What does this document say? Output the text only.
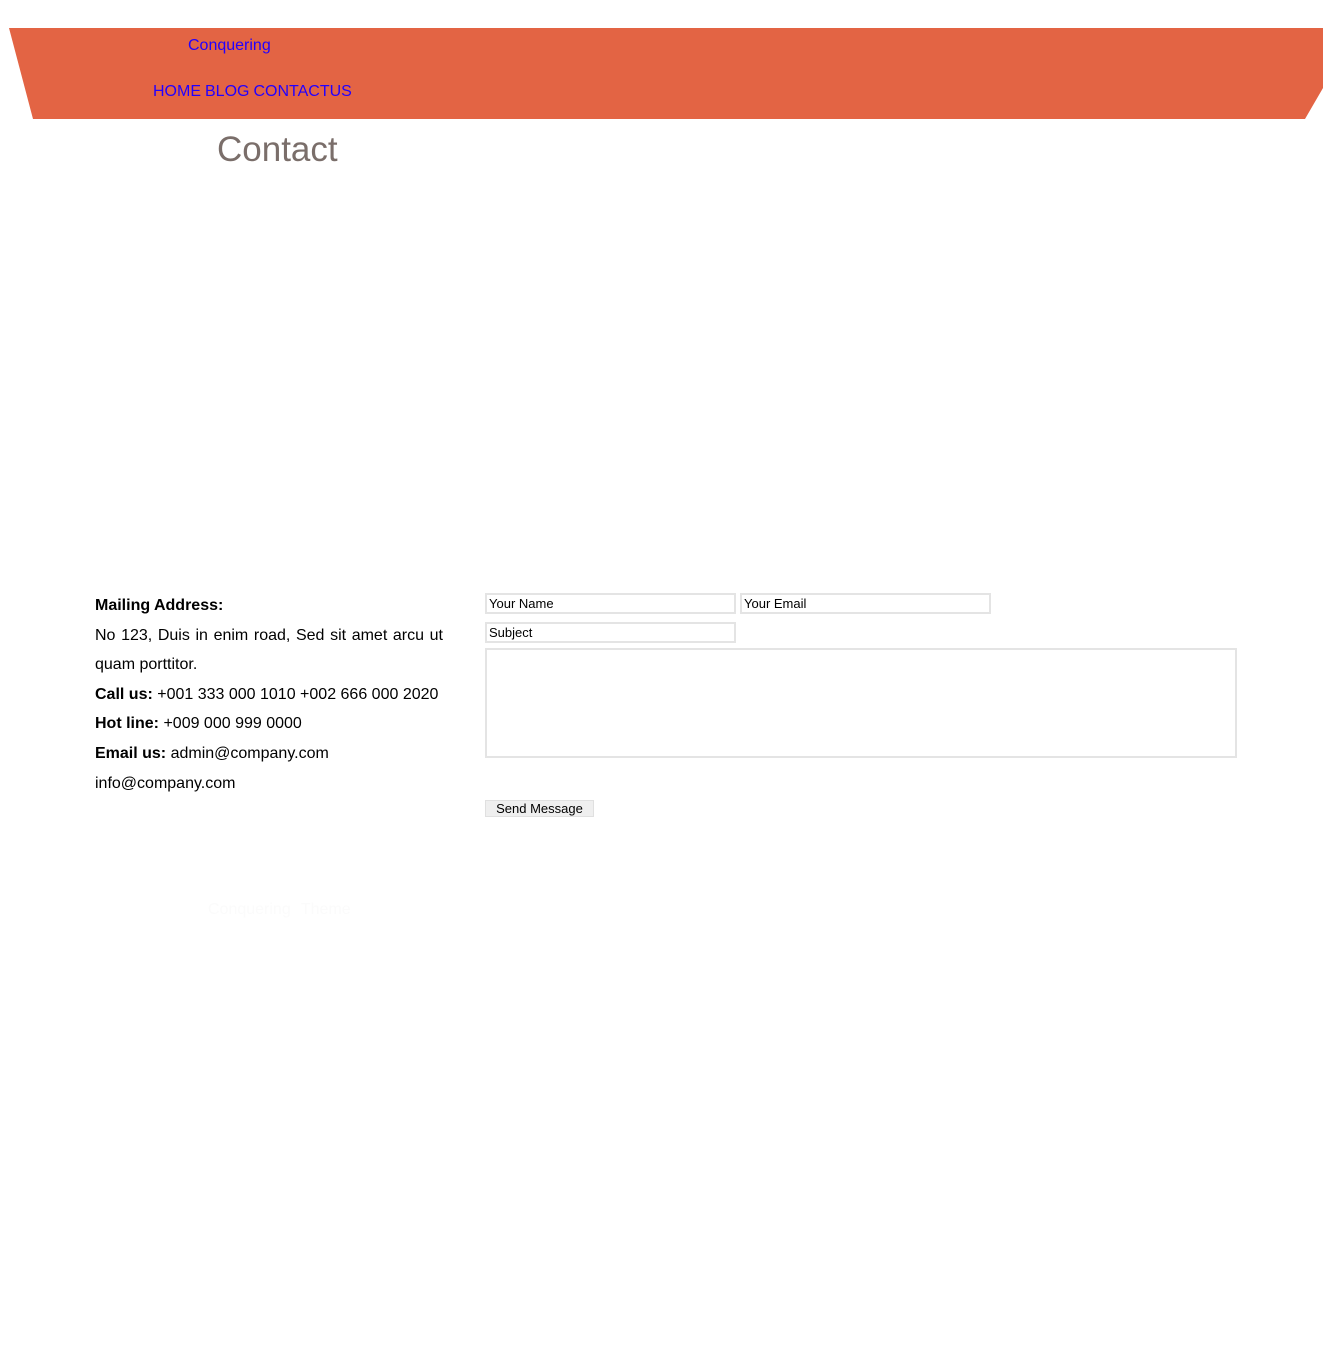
Conquering
HOME BLOG CONTACTUS
Contact

Mailing Address:

No 123, Duis in enim road, Sed sit amet arcu ut quam porttitor.

Call us: +001 333 000 1010 +002 666 000 2020

Hot line: +009 000 999 0000

Email us: admin@company.com

info@company.com

Your Name
Your Email
Subject
Send Message
Conquering Theme
